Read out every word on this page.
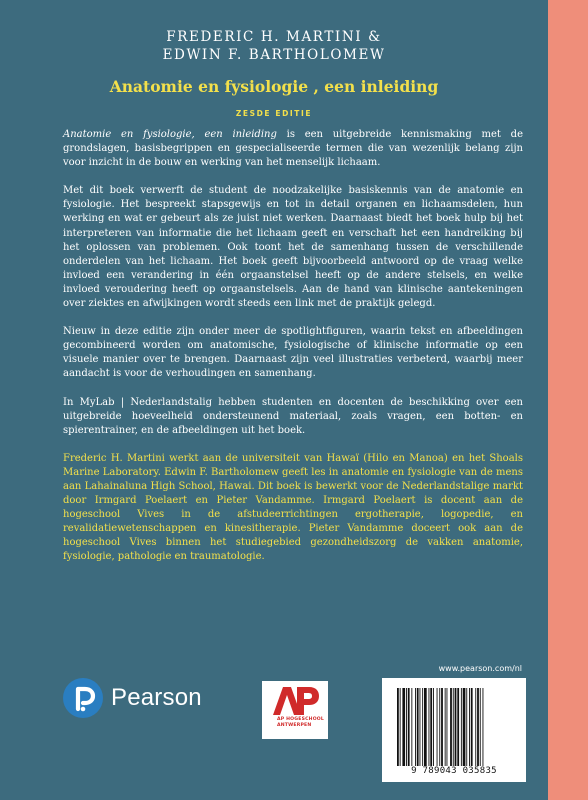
FREDERIC H. MARTINI &
EDWIN F. BARTHOLOMEW
Anatomie en fysiologie , een inleiding
ZESDE EDITIE

Anatomie en fysiologie, een inleiding is een uitgebreide kennismaking met de grondslagen, basisbegrippen en gespecialiseerde termen die van wezenlijk belang zijn voor inzicht in de bouw en werking van het menselijk lichaam.

Met dit boek verwerft de student de noodzakelijke basiskennis van de anatomie en fysiologie. Het bespreekt stapsgewijs en tot in detail organen en lichaamsdelen, hun werking en wat er gebeurt als ze juist niet werken. Daarnaast biedt het boek hulp bij het interpreteren van informatie die het lichaam geeft en verschaft het een handreiking bij het oplossen van problemen. Ook toont het de samenhang tussen de verschillende onderdelen van het lichaam. Het boek geeft bijvoorbeeld antwoord op de vraag welke invloed een verandering in één orgaanstelsel heeft op de andere stelsels, en welke invloed veroudering heeft op orgaanstelsels. Aan de hand van klinische aantekeningen over ziektes en afwijkingen wordt steeds een link met de praktijk gelegd.

Nieuw in deze editie zijn onder meer de spotlightfiguren, waarin tekst en afbeeldingen gecombineerd worden om anatomische, fysiologische of klinische informatie op een visuele manier over te brengen. Daarnaast zijn veel illustraties verbeterd, waarbij meer aandacht is voor de verhoudingen en samenhang.

In MyLab | Nederlandstalig hebben studenten en docenten de beschikking over een uitgebreide hoeveelheid ondersteunend materiaal, zoals vragen, een botten- en spierentrainer, en de afbeeldingen uit het boek.

Frederic H. Martini werkt aan de universiteit van Hawaï (Hilo en Manoa) en het Shoals Marine Laboratory. Edwin F. Bartholomew geeft les in anatomie en fysiologie van de mens aan Lahainaluna High School, Hawai. Dit boek is bewerkt voor de Nederlandstalige markt door Irmgard Poelaert en Pieter Vandamme. Irmgard Poelaert is docent aan de hogeschool Vives in de afstudeerrichtingen ergotherapie, logopedie, en revalidatiewetenschappen en kinesitherapie. Pieter Vandamme doceert ook aan de hogeschool Vives binnen het studiegebied gezondheidszorg de vakken anatomie, fysiologie, pathologie en traumatologie.

www.pearson.com/nl
Pearson
AP HOGESCHOOL
ANTWERPEN
9 789043 035835
